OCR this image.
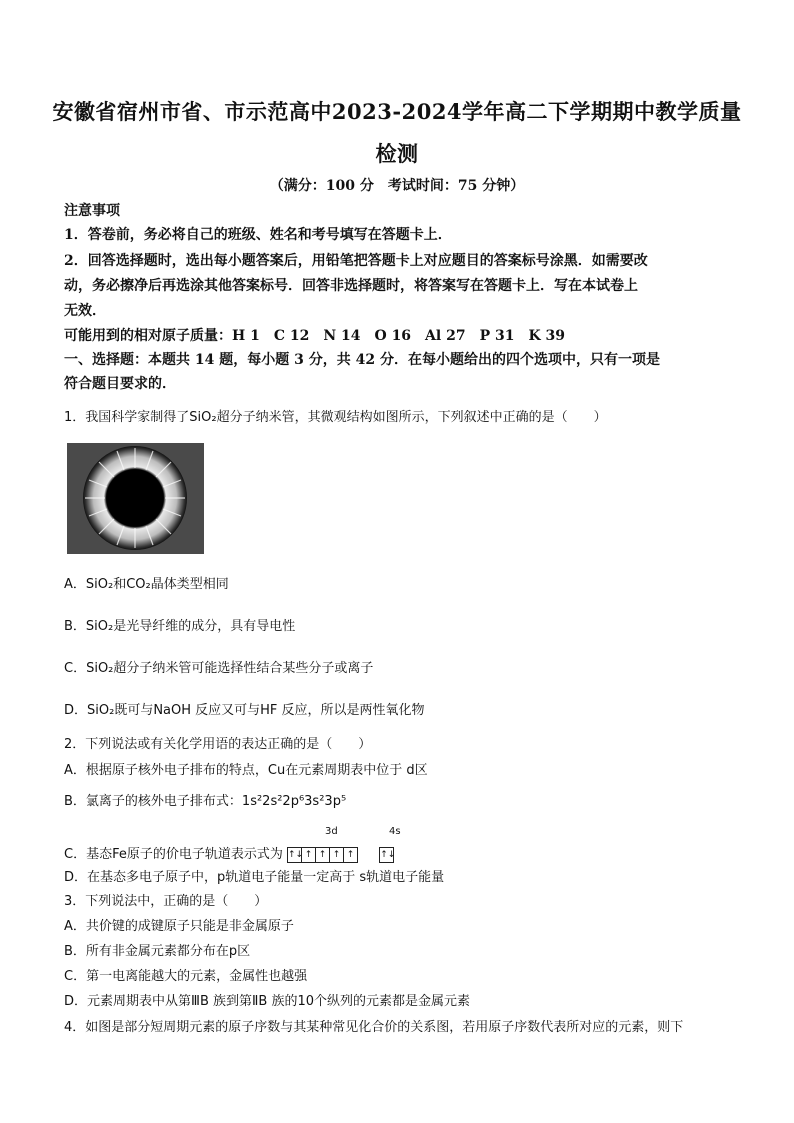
安徽省宿州市省、市示范高中2023-2024学年高二下学期期中教学质量
检测
（满分：100 分　考试时间：75 分钟）
注意事项
1．答卷前，务必将自己的班级、姓名和考号填写在答题卡上．
2．回答选择题时，选出每小题答案后，用铅笔把答题卡上对应题目的答案标号涂黑．如需要改
动，务必擦净后再选涂其他答案标号．回答非选择题时，将答案写在答题卡上．写在本试卷上
无效．
可能用到的相对原子质量：H 1　C 12　N 14　O 16　Al 27　P 31　K 39
一、选择题：本题共 14 题，每小题 3 分，共 42 分．在每小题给出的四个选项中，只有一项是
符合题目要求的．
1．我国科学家制得了SiO₂超分子纳米管，其微观结构如图所示，下列叙述中正确的是（　　）
A．SiO₂和CO₂晶体类型相同
B．SiO₂是光导纤维的成分，具有导电性
C．SiO₂超分子纳米管可能选择性结合某些分子或离子
D．SiO₂既可与NaOH 反应又可与HF 反应，所以是两性氧化物
2．下列说法或有关化学用语的表达正确的是（　　）
A．根据原子核外电子排布的特点，Cu在元素周期表中位于 d区
B．氯离子的核外电子排布式：1s²2s²2p⁶3s²3p⁵
C．基态Fe原子的价电子轨道表示式为
3d
↑↓ ↑ ↑ ↑ ↑
4s
↑↓
D．在基态多电子原子中，p轨道电子能量一定高于 s轨道电子能量
3．下列说法中，正确的是（　　）
A．共价键的成键原子只能是非金属原子
B．所有非金属元素都分布在p区
C．第一电离能越大的元素，金属性也越强
D．元素周期表中从第ⅢB 族到第ⅡB 族的10个纵列的元素都是金属元素
4．如图是部分短周期元素的原子序数与其某种常见化合价的关系图，若用原子序数代表所对应的元素，则下
